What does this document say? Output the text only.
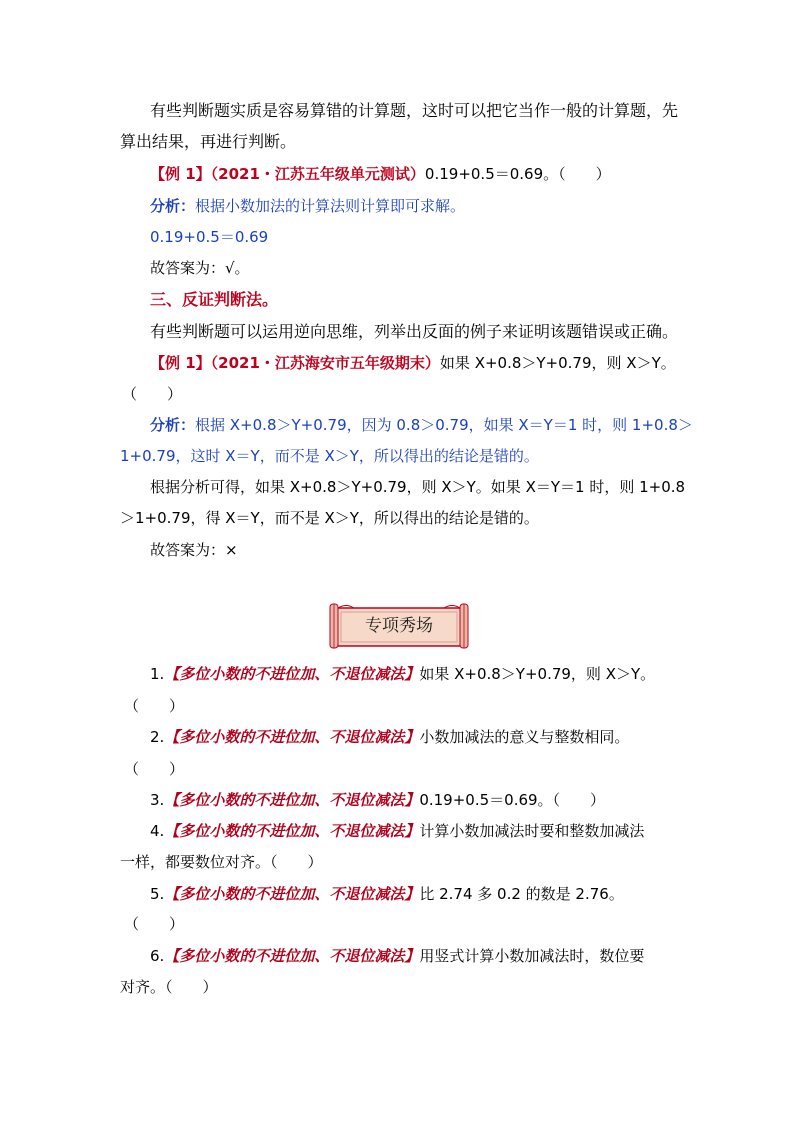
有些判断题实质是容易算错的计算题，这时可以把它当作一般的计算题，先
算出结果，再进行判断。
【例 1】（2021・江苏五年级单元测试）0.19+0.5＝0.69。（　　）
分析：根据小数加法的计算法则计算即可求解。
0.19+0.5＝0.69
故答案为：√。
三、反证判断法。
有些判断题可以运用逆向思维，列举出反面的例子来证明该题错误或正确。
【例 1】（2021・江苏海安市五年级期末）如果 X+0.8＞Y+0.79，则 X＞Y。
（　　）
分析：根据 X+0.8＞Y+0.79，因为 0.8＞0.79，如果 X＝Y＝1 时，则 1+0.8＞
1+0.79，这时 X＝Y，而不是 X＞Y，所以得出的结论是错的。
根据分析可得，如果 X+0.8＞Y+0.79，则 X＞Y。如果 X＝Y＝1 时，则 1+0.8
＞1+0.79，得 X＝Y，而不是 X＞Y，所以得出的结论是错的。
故答案为：×
专项秀场
1.【多位小数的不进位加、不退位减法】如果 X+0.8＞Y+0.79，则 X＞Y。
（　　）
2.【多位小数的不进位加、不退位减法】小数加减法的意义与整数相同。
（　　）
3.【多位小数的不进位加、不退位减法】0.19+0.5＝0.69。（　　）
4.【多位小数的不进位加、不退位减法】计算小数加减法时要和整数加减法
一样，都要数位对齐。（　　）
5.【多位小数的不进位加、不退位减法】比 2.74 多 0.2 的数是 2.76。
（　　）
6.【多位小数的不进位加、不退位减法】用竖式计算小数加减法时，数位要
对齐。（　　）
